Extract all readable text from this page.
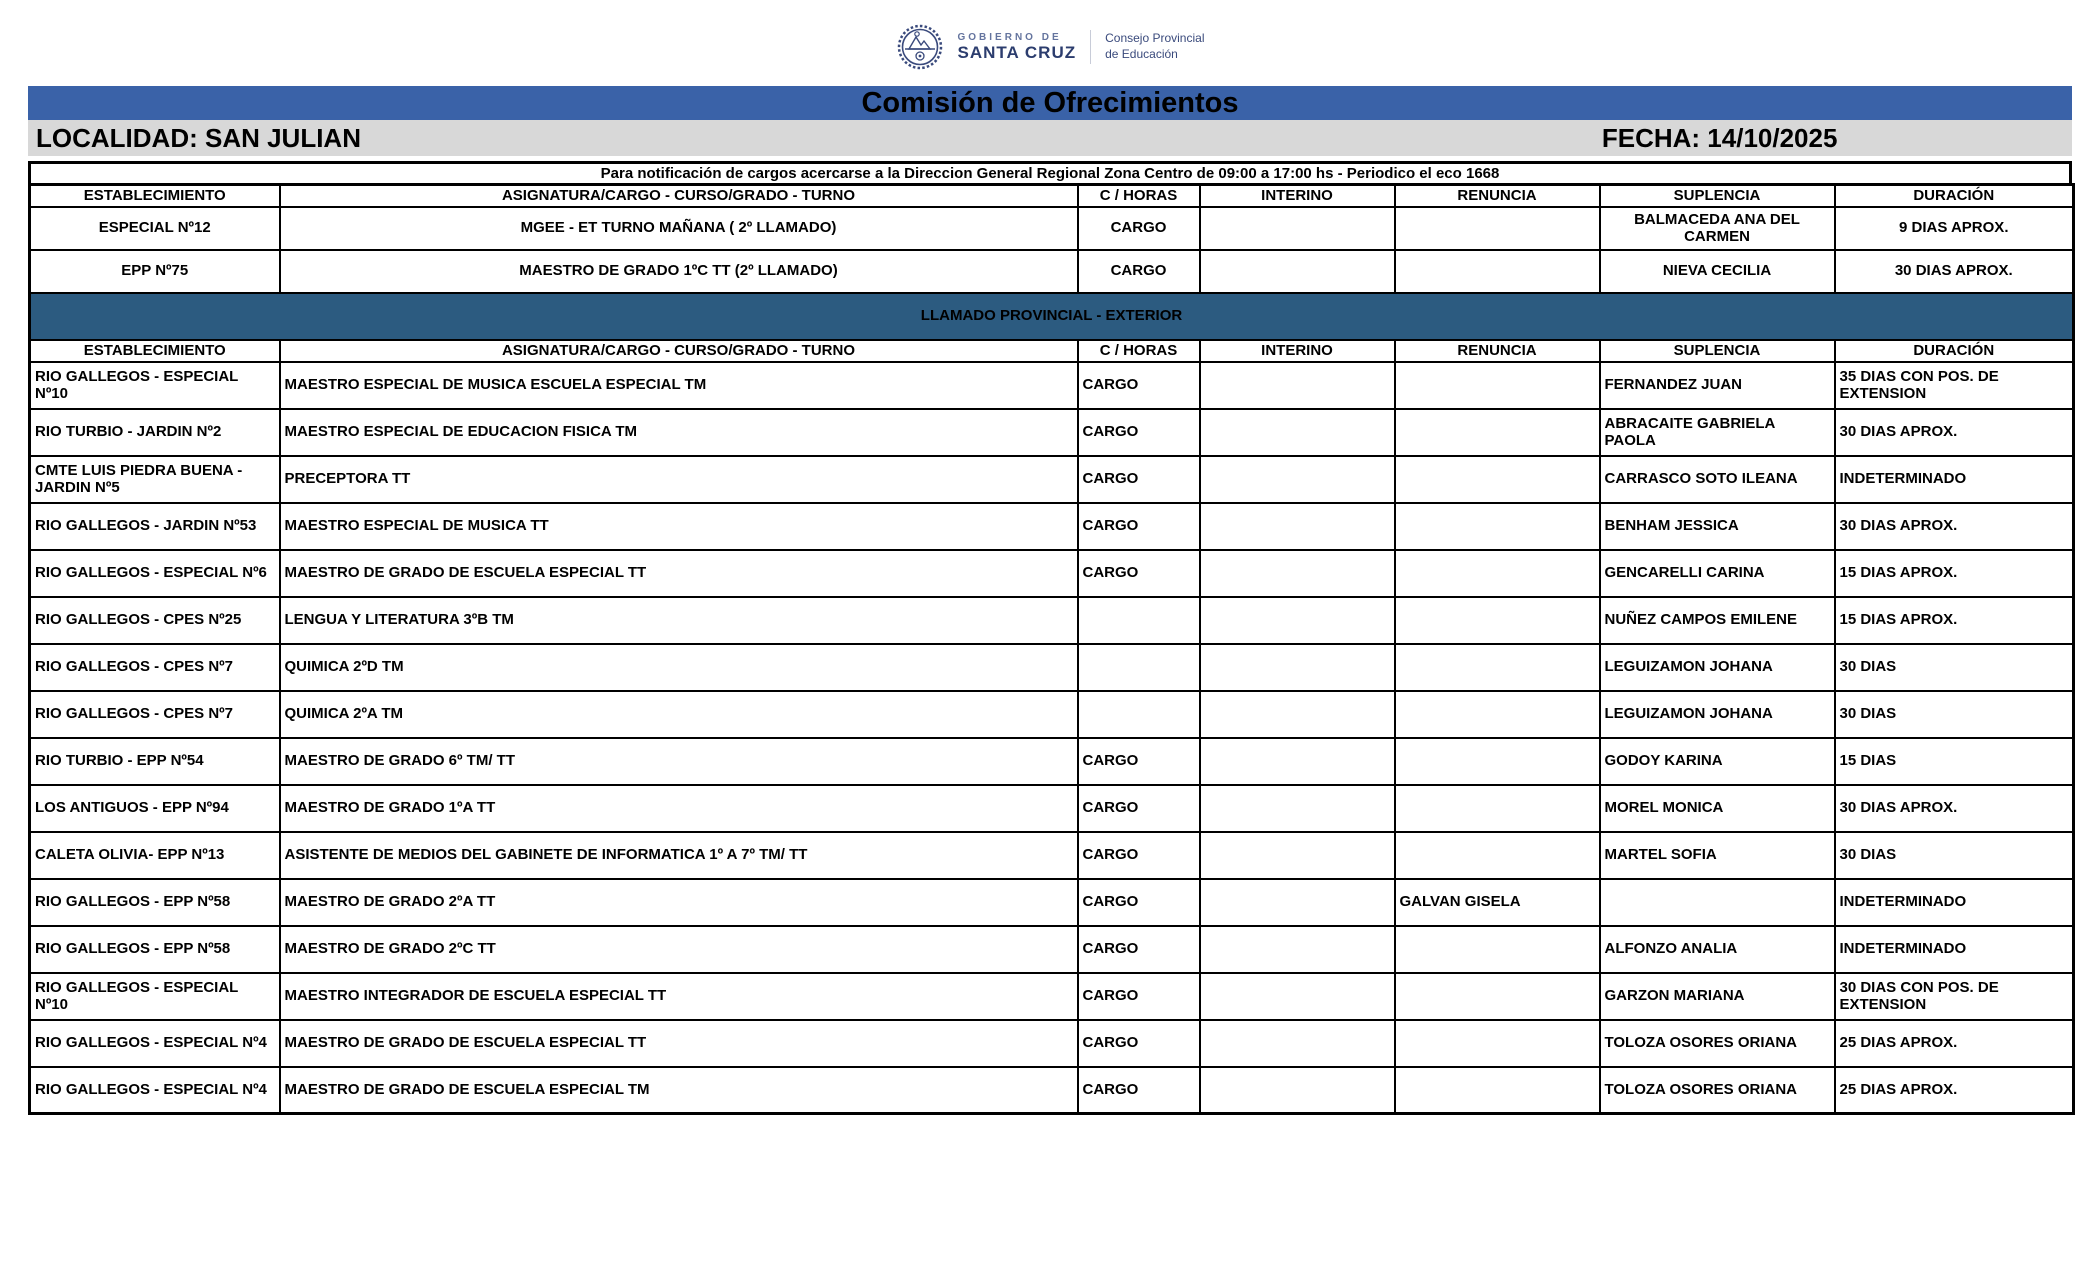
GOBIERNO DE
SANTA CRUZ
Consejo Provincial
de Educación
Comisión de Ofrecimientos
LOCALIDAD: SAN JULIAN	FECHA: 14/10/2025
Para notificación de cargos acercarse a la Direccion General Regional Zona Centro de 09:00 a 17:00 hs - Periodico el eco 1668
ESTABLECIMIENTO	ASIGNATURA/CARGO - CURSO/GRADO - TURNO	C / HORAS	INTERINO	RENUNCIA	SUPLENCIA	DURACIÓN
ESPECIAL Nº12	MGEE - ET TURNO MAÑANA ( 2º LLAMADO)	CARGO			BALMACEDA ANA DEL CARMEN	9 DIAS APROX.
EPP Nº75	MAESTRO DE GRADO 1ºC TT (2º LLAMADO)	CARGO			NIEVA CECILIA	30 DIAS APROX.
LLAMADO PROVINCIAL - EXTERIOR						
ESTABLECIMIENTO	ASIGNATURA/CARGO - CURSO/GRADO - TURNO	C / HORAS	INTERINO	RENUNCIA	SUPLENCIA	DURACIÓN
RIO GALLEGOS - ESPECIAL Nº10	MAESTRO ESPECIAL DE MUSICA ESCUELA ESPECIAL TM	CARGO			FERNANDEZ JUAN	35 DIAS CON POS. DE EXTENSION
RIO TURBIO - JARDIN Nº2	MAESTRO ESPECIAL DE EDUCACION FISICA TM	CARGO			ABRACAITE GABRIELA PAOLA	30 DIAS APROX.
CMTE LUIS PIEDRA BUENA - JARDIN Nº5	PRECEPTORA TT	CARGO			CARRASCO SOTO ILEANA	INDETERMINADO
RIO GALLEGOS - JARDIN Nº53	MAESTRO ESPECIAL DE MUSICA TT	CARGO			BENHAM JESSICA	30 DIAS APROX.
RIO GALLEGOS - ESPECIAL Nº6	MAESTRO DE GRADO DE ESCUELA ESPECIAL TT	CARGO			GENCARELLI CARINA	15 DIAS APROX.
RIO GALLEGOS - CPES Nº25	LENGUA Y LITERATURA 3ºB TM				NUÑEZ CAMPOS EMILENE	15 DIAS APROX.
RIO GALLEGOS - CPES Nº7	QUIMICA 2ºD TM				LEGUIZAMON JOHANA	30 DIAS
RIO GALLEGOS - CPES Nº7	QUIMICA 2ºA TM				LEGUIZAMON JOHANA	30 DIAS
RIO TURBIO - EPP Nº54	MAESTRO DE GRADO 6º TM/ TT	CARGO			GODOY KARINA	15 DIAS
LOS ANTIGUOS - EPP Nº94	MAESTRO DE GRADO 1ºA TT	CARGO			MOREL MONICA	30 DIAS APROX.
CALETA OLIVIA- EPP Nº13	ASISTENTE DE MEDIOS DEL GABINETE DE INFORMATICA 1º A 7º TM/ TT	CARGO			MARTEL SOFIA	30 DIAS
RIO GALLEGOS - EPP Nº58	MAESTRO DE GRADO 2ºA TT	CARGO		GALVAN GISELA		INDETERMINADO
RIO GALLEGOS - EPP Nº58	MAESTRO DE GRADO 2ºC TT	CARGO			ALFONZO ANALIA	INDETERMINADO
RIO GALLEGOS - ESPECIAL Nº10	MAESTRO INTEGRADOR DE ESCUELA ESPECIAL TT	CARGO			GARZON MARIANA	30 DIAS CON POS. DE EXTENSION
RIO GALLEGOS - ESPECIAL Nº4	MAESTRO DE GRADO DE ESCUELA ESPECIAL TT	CARGO			TOLOZA OSORES ORIANA	25 DIAS APROX.
RIO GALLEGOS - ESPECIAL Nº4	MAESTRO DE GRADO DE ESCUELA ESPECIAL TM	CARGO			TOLOZA OSORES ORIANA	25 DIAS APROX.
